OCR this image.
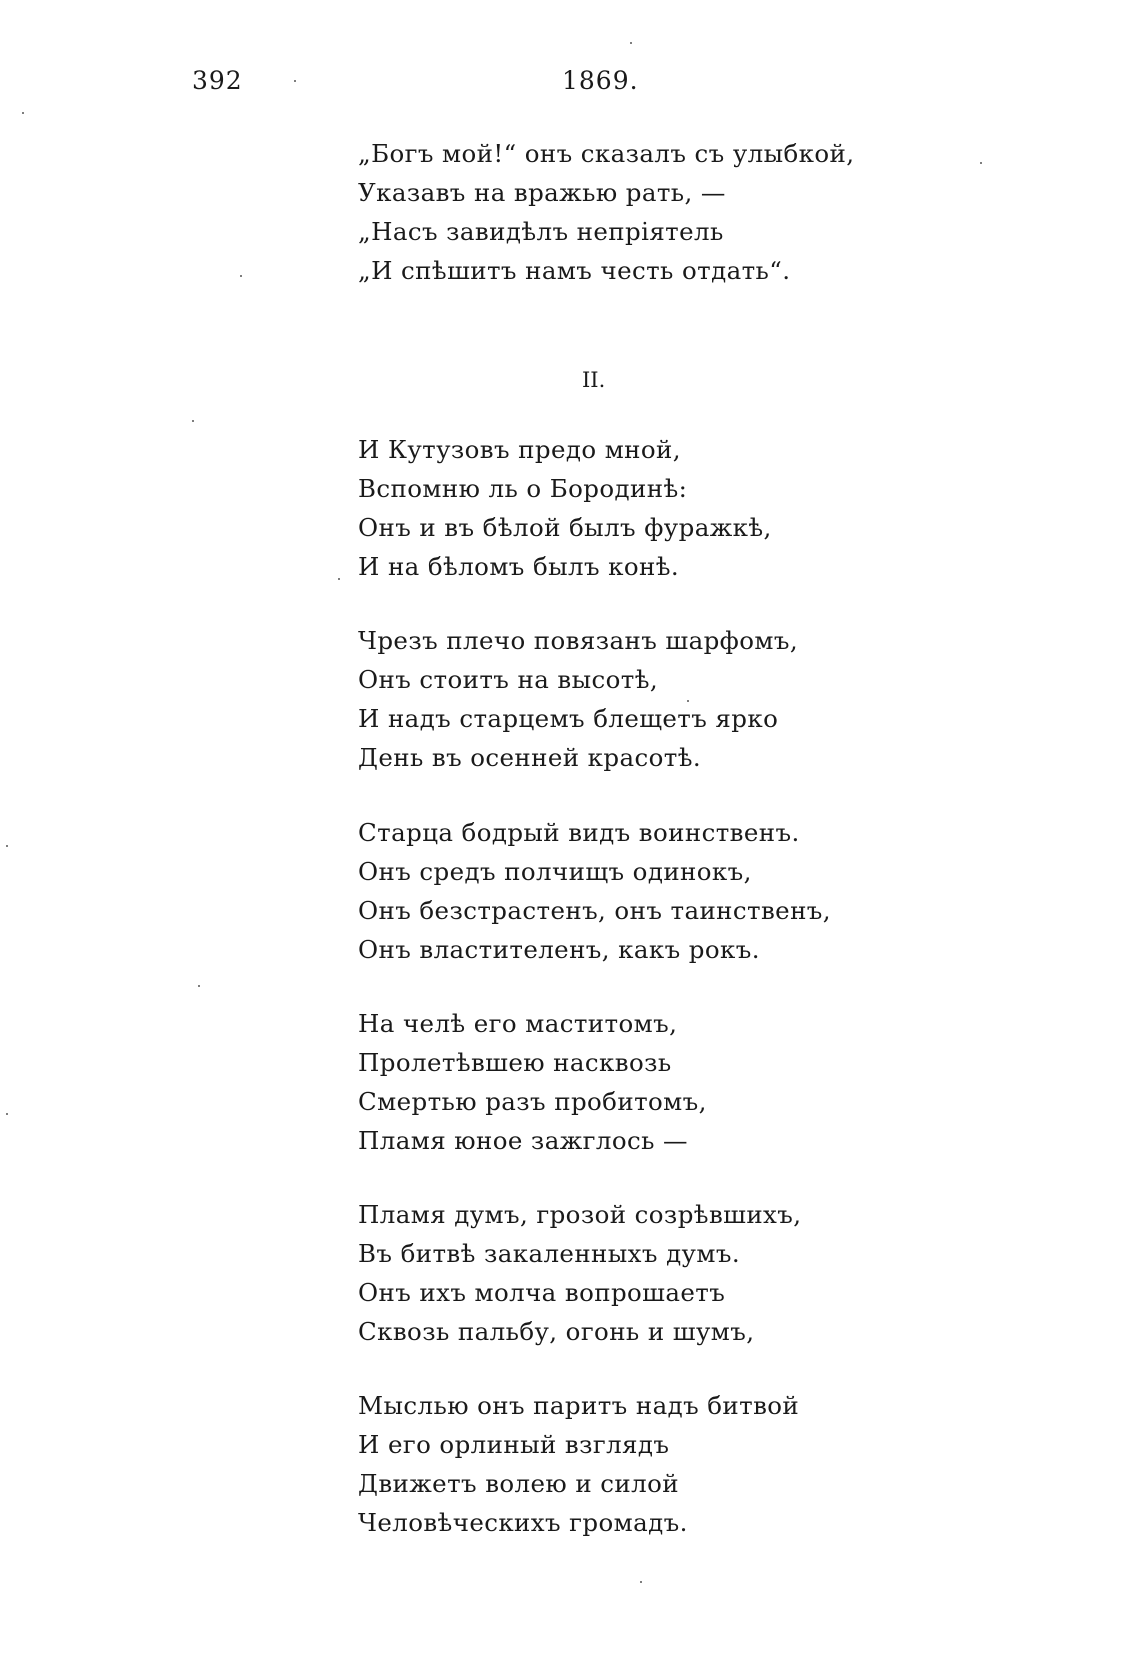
392	1869.
„Богъ мой!“ онъ сказалъ съ улыбкой,
Указавъ на вражью рать, —
„Насъ завидѣлъ непріятель
„И спѣшитъ намъ честь отдать“.
II.
И Кутузовъ предо мной,
Вспомню ль о Бородинѣ:
Онъ и въ бѣлой былъ фуражкѣ,
И на бѣломъ былъ конѣ.
Чрезъ плечо повязанъ шарфомъ,
Онъ стоитъ на высотѣ,
И надъ старцемъ блещетъ ярко
День въ осенней красотѣ.
Старца бодрый видъ воинственъ.
Онъ средъ полчищъ одинокъ,
Онъ безстрастенъ, онъ таинственъ,
Онъ властителенъ, какъ рокъ.
На челѣ его маститомъ,
Пролетѣвшею насквозь
Смертью разъ пробитомъ,
Пламя юное зажглось —
Пламя думъ, грозой созрѣвшихъ,
Въ битвѣ закаленныхъ думъ.
Онъ ихъ молча вопрошаетъ
Сквозь пальбу, огонь и шумъ,
Мыслью онъ паритъ надъ битвой
И его орлиный взглядъ
Движетъ волею и силой
Человѣческихъ громадъ.
